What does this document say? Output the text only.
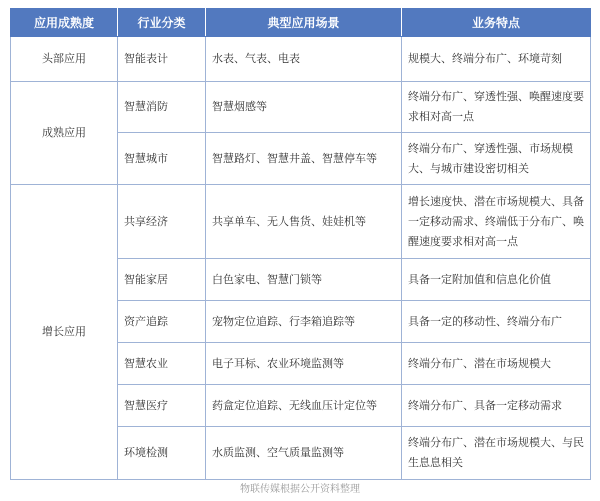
应用成熟度	行业分类	典型应用场景	业务特点
头部应用	智能表计	水表、气表、电表	规模大、终端分布广、环境苛刻
成熟应用	智慧消防	智慧烟感等	终端分布广、穿透性强、唤醒速度要求相对高一点
	智慧城市	智慧路灯、智慧井盖、智慧停车等	终端分布广、穿透性强、市场规模大、与城市建设密切相关
增长应用	共享经济	共享单车、无人售货、娃娃机等	增长速度快、潜在市场规模大、具备一定移动需求、终端低于分布广、唤醒速度要求相对高一点
	智能家居	白色家电、智慧门锁等	具备一定附加值和信息化价值
	资产追踪	宠物定位追踪、行李箱追踪等	具备一定的移动性、终端分布广
	智慧农业	电子耳标、农业环境监测等	终端分布广、潜在市场规模大
	智慧医疗	药盒定位追踪、无线血压计定位等	终端分布广、具备一定移动需求
	环境检测	水质监测、空气质量监测等	终端分布广、潜在市场规模大、与民生息息相关
物联传媒根据公开资料整理
